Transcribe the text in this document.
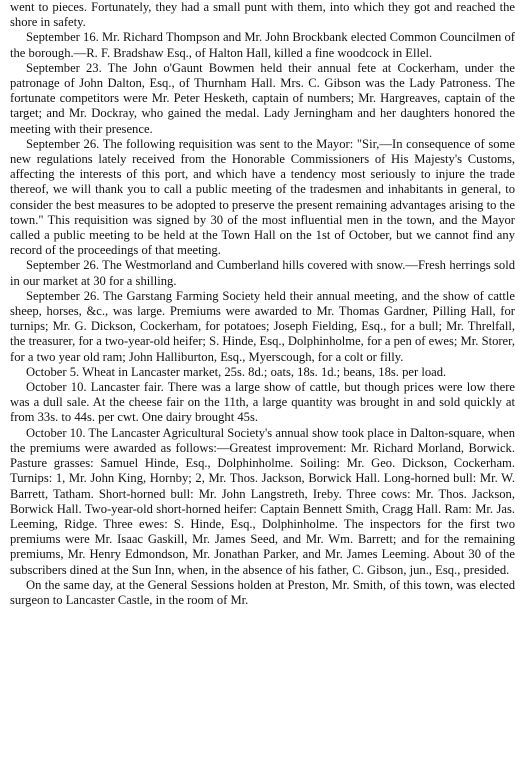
went to pieces. Fortunately, they had a small punt with them, into which they got and reached the shore in safety.

September 16. Mr. Richard Thompson and Mr. John Brockbank elected Common Councilmen of the borough.—R. F. Bradshaw Esq., of Halton Hall, killed a fine woodcock in Ellel.

September 23. The John o'Gaunt Bowmen held their annual fete at Cockerham, under the patronage of John Dalton, Esq., of Thurnham Hall. Mrs. C. Gibson was the Lady Patroness. The fortunate competitors were Mr. Peter Hesketh, captain of numbers; Mr. Hargreaves, captain of the target; and Mr. Dockray, who gained the medal. Lady Jerningham and her daughters honored the meeting with their presence.

September 26. The following requisition was sent to the Mayor: "Sir,—In consequence of some new regulations lately received from the Honorable Commissioners of His Majesty's Customs, affecting the interests of this port, and which have a tendency most seriously to injure the trade thereof, we will thank you to call a public meeting of the tradesmen and inhabitants in general, to consider the best measures to be adopted to preserve the present remaining advantages arising to the town." This requisition was signed by 30 of the most influential men in the town, and the Mayor called a public meeting to be held at the Town Hall on the 1st of October, but we cannot find any record of the proceedings of that meeting.

September 26. The Westmorland and Cumberland hills covered with snow.—Fresh herrings sold in our market at 30 for a shilling.

September 26. The Garstang Farming Society held their annual meeting, and the show of cattle sheep, horses, &c., was large. Premiums were awarded to Mr. Thomas Gardner, Pilling Hall, for turnips; Mr. G. Dickson, Cockerham, for potatoes; Joseph Fielding, Esq., for a bull; Mr. Threlfall, the treasurer, for a two-year-old heifer; S. Hinde, Esq., Dolphinholme, for a pen of ewes; Mr. Storer, for a two year old ram; John Halliburton, Esq., Myerscough, for a colt or filly.

October 5. Wheat in Lancaster market, 25s. 8d.; oats, 18s. 1d.; beans, 18s. per load.

October 10. Lancaster fair. There was a large show of cattle, but though prices were low there was a dull sale. At the cheese fair on the 11th, a large quantity was brought in and sold quickly at from 33s. to 44s. per cwt. One dairy brought 45s.

October 10. The Lancaster Agricultural Society's annual show took place in Dalton-square, when the premiums were awarded as follows:—Greatest improvement: Mr. Richard Morland, Borwick. Pasture grasses: Samuel Hinde, Esq., Dolphinholme. Soiling: Mr. Geo. Dickson, Cockerham. Turnips: 1, Mr. John King, Hornby; 2, Mr. Thos. Jackson, Borwick Hall. Long-horned bull: Mr. W. Barrett, Tatham. Short-horned bull: Mr. John Langstreth, Ireby. Three cows: Mr. Thos. Jackson, Borwick Hall. Two-year-old short-horned heifer: Captain Bennett Smith, Cragg Hall. Ram: Mr. Jas. Leeming, Ridge. Three ewes: S. Hinde, Esq., Dolphinholme. The inspectors for the first two premiums were Mr. Isaac Gaskill, Mr. James Seed, and Mr. Wm. Barrett; and for the remaining premiums, Mr. Henry Edmondson, Mr. Jonathan Parker, and Mr. James Leeming. About 30 of the subscribers dined at the Sun Inn, when, in the absence of his father, C. Gibson, jun., Esq., presided.

On the same day, at the General Sessions holden at Preston, Mr. Smith, of this town, was elected surgeon to Lancaster Castle, in the room of Mr.
